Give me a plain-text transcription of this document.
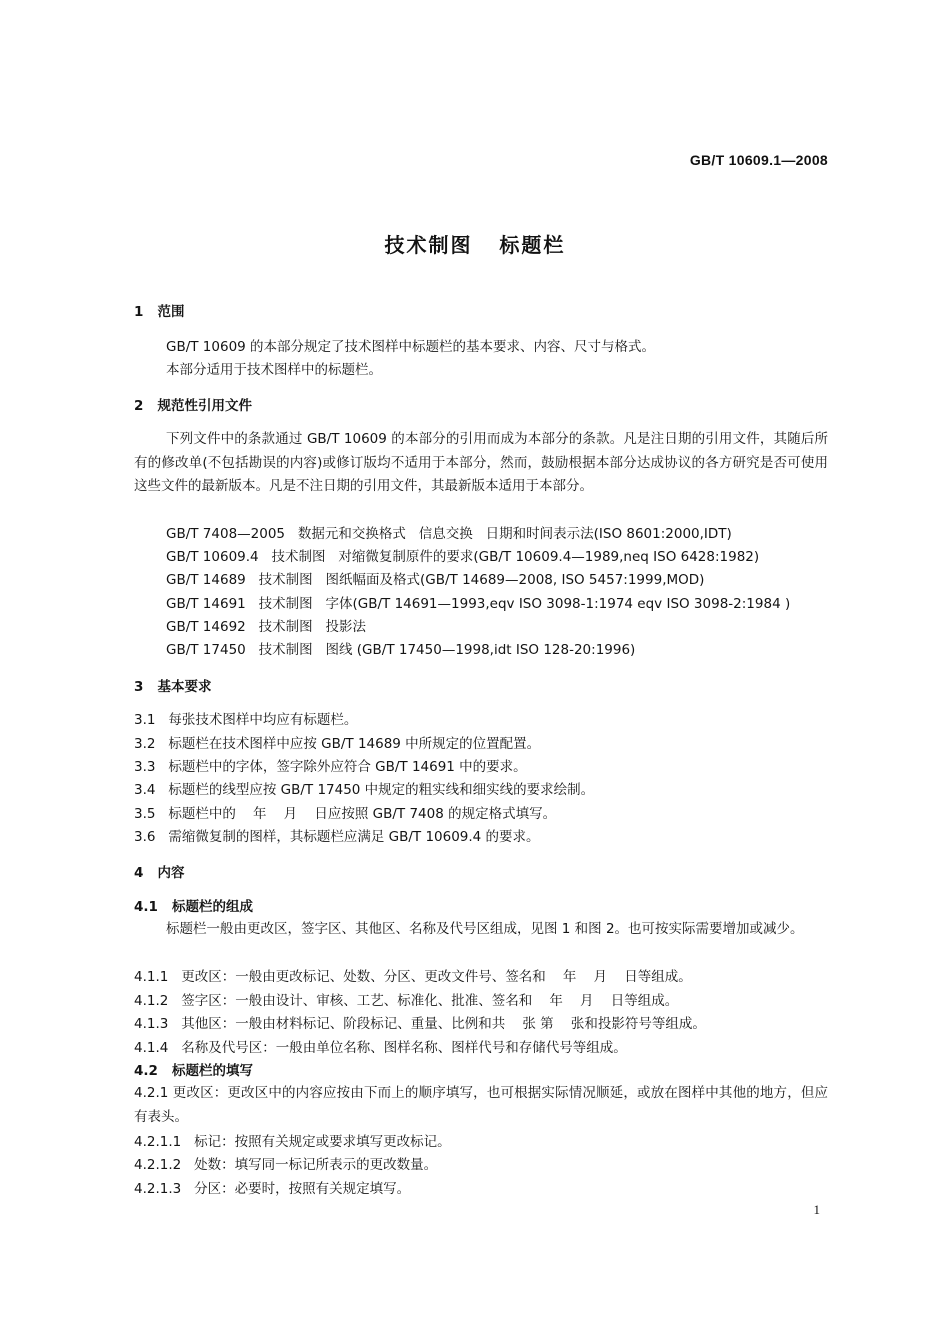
GB/T 10609.1—2008
技术制图   标题栏
1   范围
GB/T 10609 的本部分规定了技术图样中标题栏的基本要求、内容、尺寸与格式。
本部分适用于技术图样中的标题栏。
2   规范性引用文件
下列文件中的条款通过 GB/T 10609 的本部分的引用而成为本部分的条款。凡是注日期的引用文件，其随后所有的修改单(不包括勘误的内容)或修订版均不适用于本部分，然而，鼓励根据本部分达成协议的各方研究是否可使用这些文件的最新版本。凡是不注日期的引用文件，其最新版本适用于本部分。
GB/T 7408—2005   数据元和交换格式   信息交换   日期和时间表示法(ISO 8601:2000,IDT)
GB/T 10609.4   技术制图   对缩微复制原件的要求(GB/T 10609.4—1989,neq ISO 6428:1982)
GB/T 14689   技术制图   图纸幅面及格式(GB/T 14689—2008, ISO 5457:1999,MOD)
GB/T 14691   技术制图   字体(GB/T 14691—1993,eqv ISO 3098-1:1974 eqv ISO 3098-2:1984 )
GB/T 14692   技术制图   投影法
GB/T 17450   技术制图   图线 (GB/T 17450—1998,idt ISO 128-20:1996)
3   基本要求
3.1   每张技术图样中均应有标题栏。
3.2   标题栏在技术图样中应按 GB/T 14689 中所规定的位置配置。
3.3   标题栏中的字体，签字除外应符合 GB/T 14691 中的要求。
3.4   标题栏的线型应按 GB/T 17450 中规定的粗实线和细实线的要求绘制。
3.5   标题栏中的    年    月    日应按照 GB/T 7408 的规定格式填写。
3.6   需缩微复制的图样，其标题栏应满足 GB/T 10609.4 的要求。
4   内容
4.1   标题栏的组成
标题栏一般由更改区，签字区、其他区、名称及代号区组成，见图 1 和图 2。也可按实际需要增加或减少。
4.1.1   更改区：一般由更改标记、处数、分区、更改文件号、签名和    年    月    日等组成。
4.1.2   签字区：一般由设计、审核、工艺、标准化、批准、签名和    年    月    日等组成。
4.1.3   其他区：一般由材料标记、阶段标记、重量、比例和共    张 第    张和投影符号等组成。
4.1.4   名称及代号区：一般由单位名称、图样名称、图样代号和存储代号等组成。
4.2   标题栏的填写
4.2.1 更改区：更改区中的内容应按由下而上的顺序填写，也可根据实际情况顺延，或放在图样中其他的地方，但应有表头。
4.2.1.1   标记：按照有关规定或要求填写更改标记。
4.2.1.2   处数：填写同一标记所表示的更改数量。
4.2.1.3   分区：必要时，按照有关规定填写。
1
